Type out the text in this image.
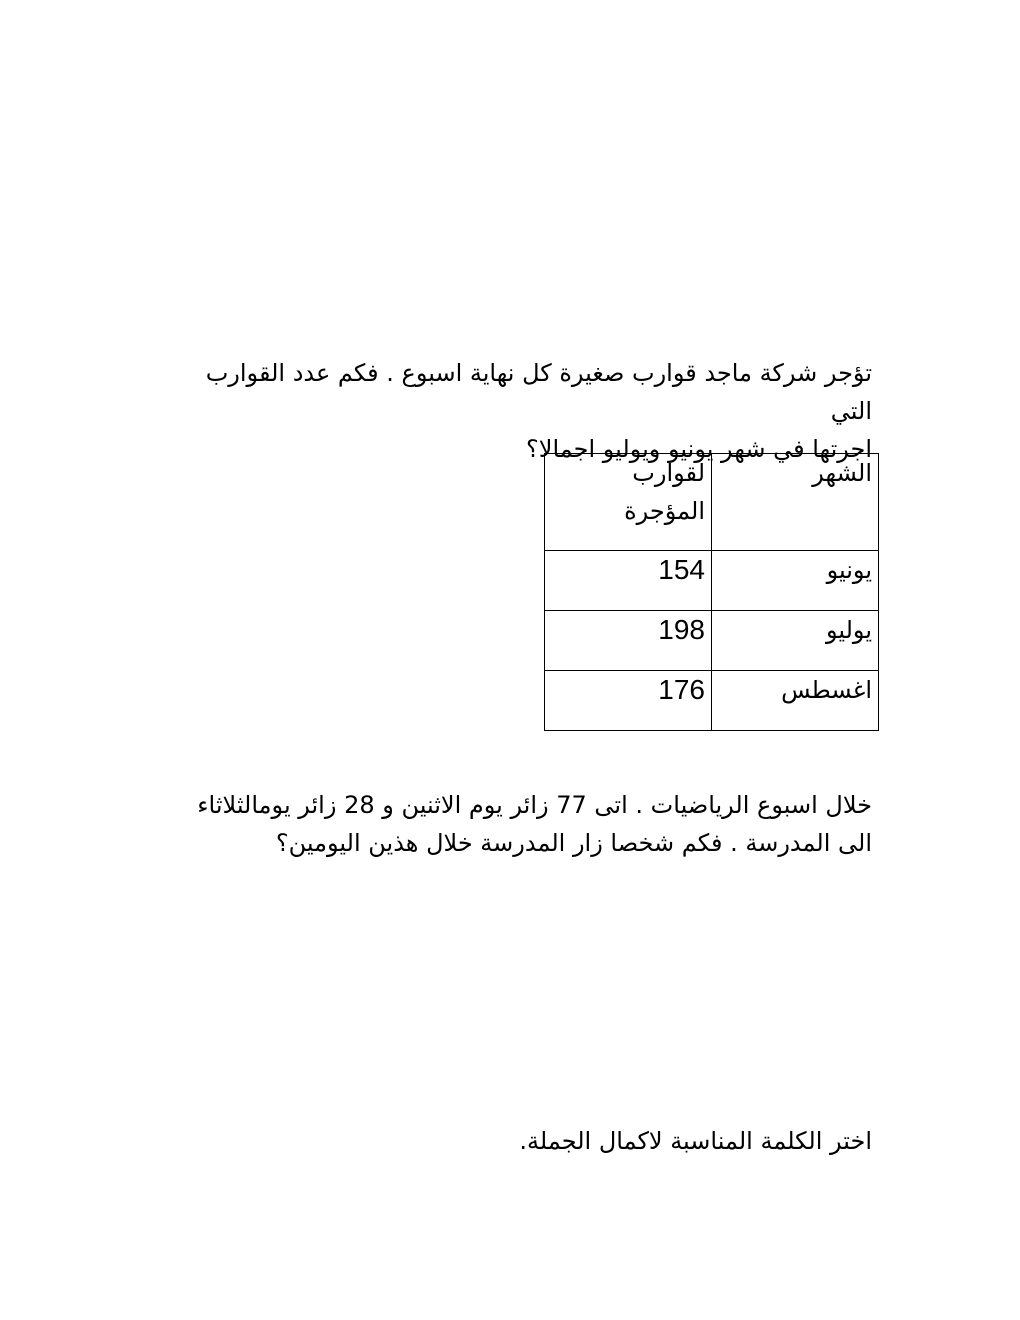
تؤجر شركة ماجد قوارب صغيرة كل نهاية اسبوع . فكم عدد القوارب التي
اجرتها في شهر يونيو ويوليو اجمالا؟
الشهر	لقوارب المؤجرة

يونيو	154
يوليو	198
اغسطس	176
خلال اسبوع الرياضيات . اتى 77 زائر يوم الاثنين و 28 زائر يومالثلاثاء
الى المدرسة . فكم شخصا زار المدرسة خلال هذين اليومين؟
اختر الكلمة المناسبة لاكمال الجملة.
